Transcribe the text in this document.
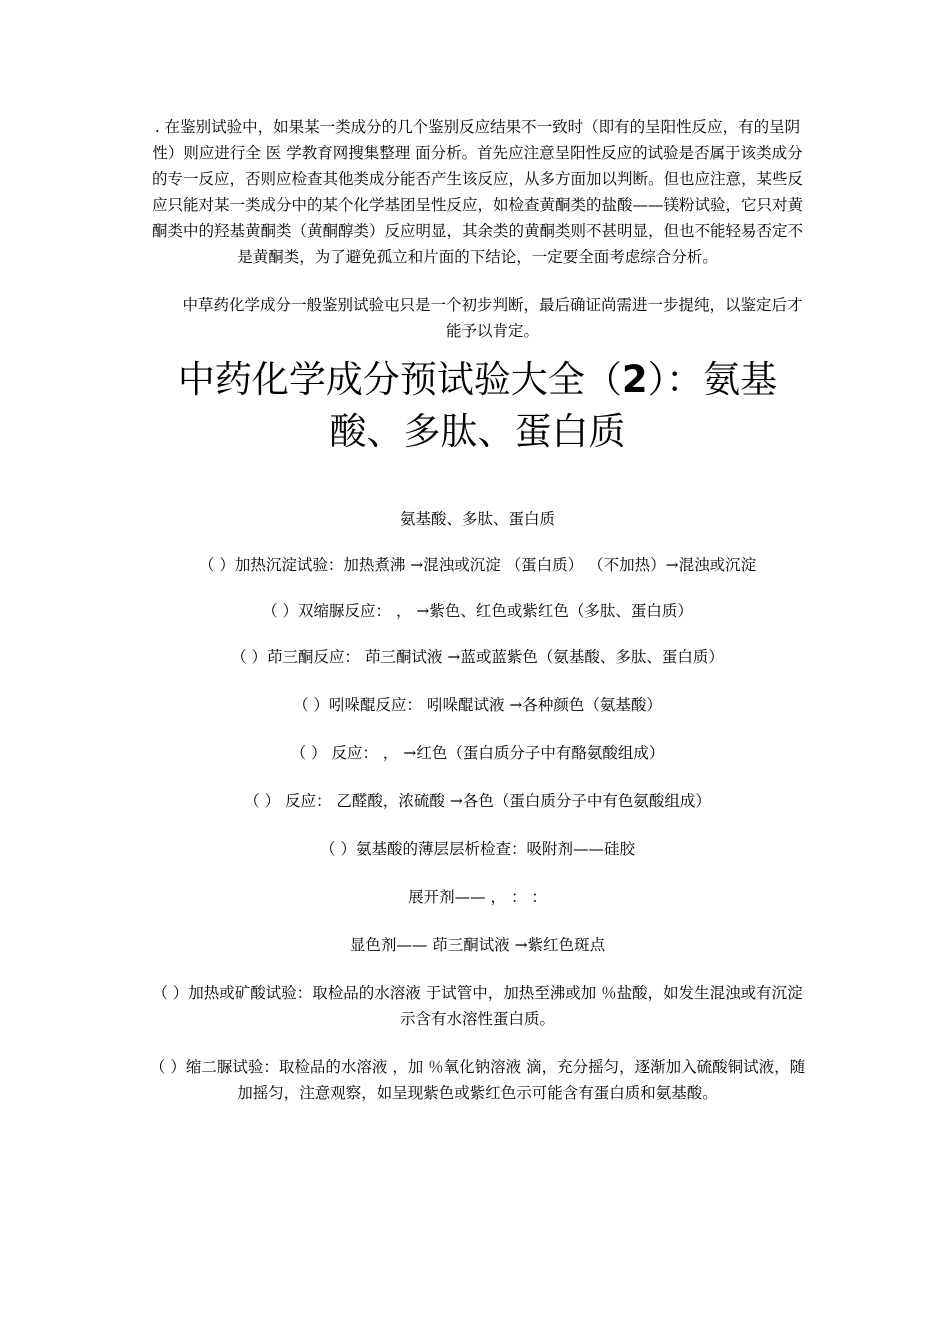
. 在鉴别试验中，如果某一类成分的几个鉴别反应结果不一致时（即有的呈阳性反应，有的呈阴性）则应进行全 医 学教育网搜集整理 面分析。首先应注意呈阳性反应的试验是否属于该类成分的专一反应，否则应检查其他类成分能否产生该反应，从多方面加以判断。但也应注意，某些反应只能对某一类成分中的某个化学基团呈性反应，如检查黄酮类的盐酸——镁粉试验，它只对黄酮类中的羟基黄酮类（黄酮醇类）反应明显，其余类的黄酮类则不甚明显，但也不能轻易否定不是黄酮类，为了避免孤立和片面的下结论，一定要全面考虑综合分析。

中草药化学成分一般鉴别试验屯只是一个初步判断，最后确证尚需进一步提纯，以鉴定后才能予以肯定。

中药化学成分预试验大全（2）：氨基酸、多肽、蛋白质

氨基酸、多肽、蛋白质

（ ）加热沉淀试验：加热煮沸 →混浊或沉淀 （蛋白质） （不加热）→混浊或沉淀

（ ）双缩脲反应： ， →紫色、红色或紫红色（多肽、蛋白质）

（ ）茚三酮反应： 茚三酮试液 →蓝或蓝紫色（氨基酸、多肽、蛋白质）

（ ）吲哚醌反应： 吲哚醌试液 →各种颜色（氨基酸）

（ ） 反应： ， →红色（蛋白质分子中有酪氨酸组成）

（ ） 反应： 乙醛酸，浓硫酸 →各色（蛋白质分子中有色氨酸组成）

（ ）氨基酸的薄层层析检查：吸附剂——硅胶

展开剂—— ， ： ：

显色剂—— 茚三酮试液 →紫红色斑点

（ ）加热或矿酸试验：取检品的水溶液 于试管中，加热至沸或加 ％盐酸，如发生混浊或有沉淀示含有水溶性蛋白质。

（ ）缩二脲试验：取检品的水溶液 ，加 ％氧化钠溶液 滴，充分摇匀，逐渐加入硫酸铜试液，随加摇匀，注意观察，如呈现紫色或紫红色示可能含有蛋白质和氨基酸。
